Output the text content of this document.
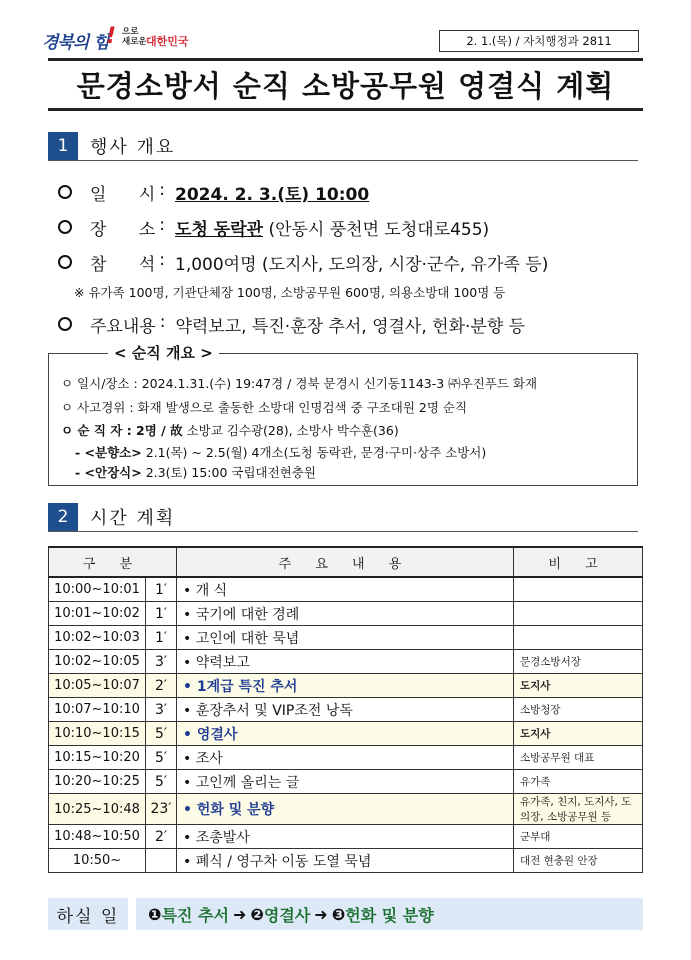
경북의 힘
! 으로
새로운 대한민국	2. 1.(목) / 자치행정과 2811
문경소방서 순직 소방공무원 영결식 계획
1	행사 개요
일      시 : 2024. 2. 3.(토) 10:00
장      소 : 도청 동락관
(안동시 풍천면 도청대로455)
참      석 : 1,000여명 (도지사, 도의장, 시장·군수, 유가족 등)
※ 유가족 100명, 기관단체장 100명, 소방공무원 600명, 의용소방대 100명 등
주요내용 : 약력보고, 특진·훈장 추서, 영결사, 헌화·분향 등
ㅇ 일시/장소 : 2024.1.31.(수) 19:47경 / 경북 문경시 신기동1143-3 ㈜우진푸드 화재
ㅇ 사고경위 : 화재 발생으로 출동한 소방대 인명검색 중 구조대원 2명 순직
ㅇ 순 직 자 : 2명 / 故 소방교 김수광(28), 소방사 박수훈(36)
- <분향소> 2.1(목) ~ 2.5(월) 4개소(도청 동락관, 문경·구미·상주 소방서)
- <안장식> 2.3(토) 15:00 국립대전현충원
< 순직 개요 >
2	시간 계획
구 분		주 요 내 용	비 고
10:00~10:01	1′	• 개 식	
10:01~10:02	1′	• 국기에 대한 경례	
10:02~10:03	1′	• 고인에 대한 묵념	
10:02~10:05	3′	• 약력보고	문경소방서장
10:05~10:07	2′	• 1계급 특진 추서	도지사
10:07~10:10	3′	• 훈장추서 및 VIP조전 낭독	소방청장
10:10~10:15	5′	• 영결사	도지사
10:15~10:20	5′	• 조사	소방공무원 대표
10:20~10:25	5′	• 고인께 올리는 글	유가족
10:25~10:48	23′	• 헌화 및 분향	유가족, 친지, 도지사, 도의장, 소방공무원 등
10:48~10:50	2′	• 조총발사	군부대
10:50~		• 폐식 / 영구차 이동 도열 묵념	대전 현충원 안장
하실 일	❶ 특진 추서 ➜ ❷ 영결사 ➜ ❸ 헌화 및 분향
